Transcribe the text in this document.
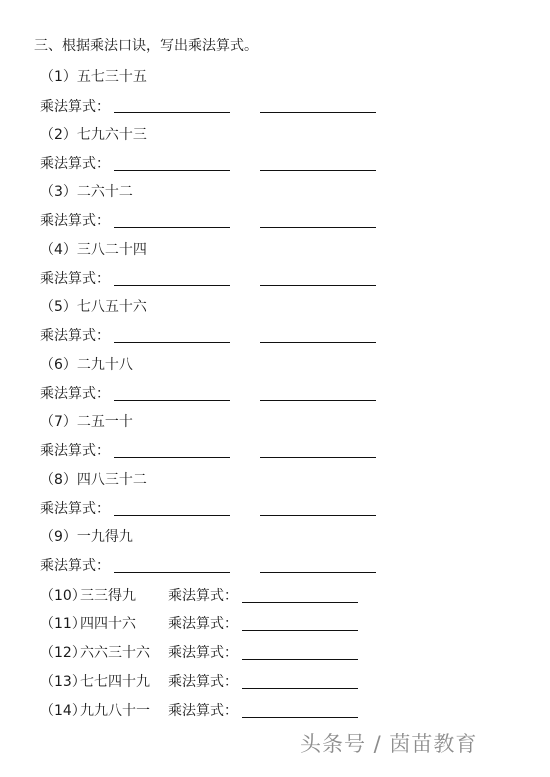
三、根据乘法口诀，写出乘法算式。
（1）五七三十五
乘法算式：
（2）七九六十三
乘法算式：
（3）二六十二
乘法算式：
（4）三八二十四
乘法算式：
（5）七八五十六
乘法算式：
（6）二九十八
乘法算式：
（7）二五一十
乘法算式：
（8）四八三十二
乘法算式：
（9）一九得九
乘法算式：
（10）
三三得九 乘法算式：
（11）
四四十六 乘法算式：
（12）
六六三十六 乘法算式：
（13）
七七四十九 乘法算式：
（14）
九九八十一 乘法算式：
头条号 / 茵苗教育
